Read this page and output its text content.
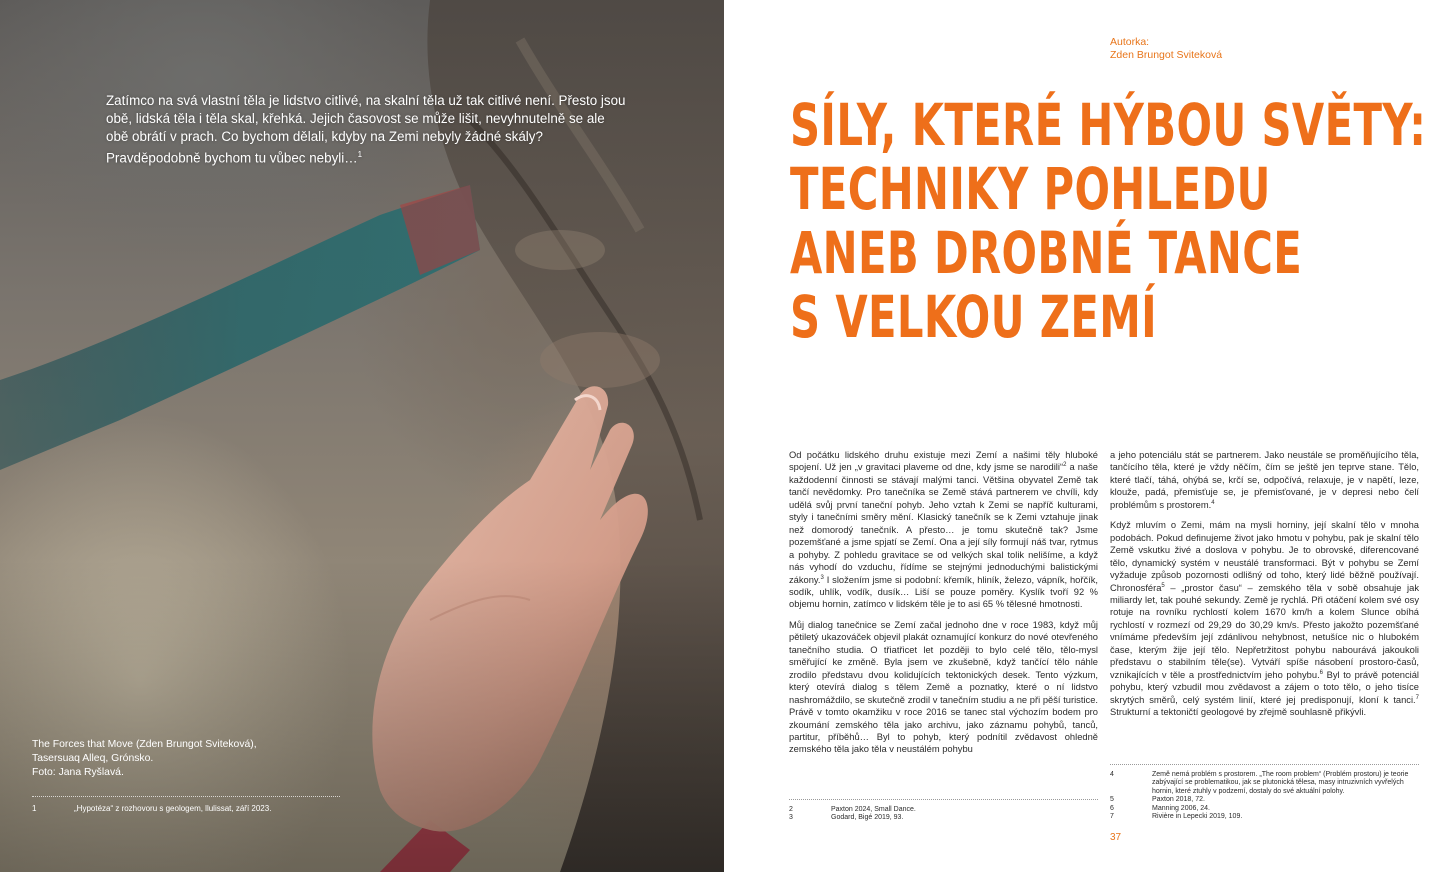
Zatímco na svá vlastní těla je lidstvo citlivé, na skalní těla už tak citlivé není. Přesto jsou obě, lidská těla i těla skal, křehká. Jejich časovost se může lišit, nevyhnutelně se ale obě obrátí v prach. Co bychom dělali, kdyby na Zemi nebyly žádné skály? Pravděpodobně bychom tu vůbec nebyli…$^1$

The Forces that Move (Zden Brungot Sviteková),
Tasersuaq Alleq, Grónsko.
Foto: Jana Ryšlavá.
1	„Hypotéza“ z rozhovoru s geologem, llulissat, září 2023.
Autorka:
Zden Brungot Sviteková
SÍLY, KTERÉ HÝBOU SVĚTY:
TECHNIKY POHLEDU
ANEB DROBNÉ TANCE
S VELKOU ZEMÍ

Od počátku lidského druhu existuje mezi Zemí a našimi těly hluboké spojení. Už jen „v gravitaci plaveme od dne, kdy jsme se narodili“$^2$ a naše každodenní činnosti se stávají malými tanci. Většina obyvatel Země tak tančí nevědomky. Pro tanečníka se Země stává partnerem ve chvíli, kdy udělá svůj první taneční pohyb. Jeho vztah k Zemi se napříč kulturami, styly i tanečními směry mění. Klasický tanečník se k Zemi vztahuje jinak než domorodý tanečník. A přesto… je tomu skutečně tak? Jsme pozemšťané a jsme spjatí se Zemí. Ona a její síly formují náš tvar, rytmus a pohyby. Z pohledu gravitace se od velkých skal tolik nelišíme, a když nás vyhodí do vzduchu, řídíme se stejnými jednoduchými balistickými zákony.$^3$ I složením jsme si podobní: křemík, hliník, železo, vápník, hořčík, sodík, uhlík, vodík, dusík… Liší se pouze poměry. Kyslík tvoří 92 % objemu hornin, zatímco v lidském těle je to asi 65 % tělesné hmotnosti.

Můj dialog tanečnice se Zemí začal jednoho dne v roce 1983, když můj pětiletý ukazováček objevil plakát oznamující konkurz do nové otevřeného tanečního studia. O třiatřicet let později to bylo celé tělo, tělo-mysl směřující ke změně. Byla jsem ve zkušebně, když tančící tělo náhle zrodilo představu dvou kolidujících tektonických desek. Tento výzkum, který otevírá dialog s tělem Země a poznatky, které o ní lidstvo nashromáždilo, se skutečně zrodil v tanečním studiu a ne při pěší turistice. Právě v tomto okamžiku v roce 2016 se tanec stal výchozím bodem pro zkoumání zemského těla jako archivu, jako záznamu pohybů, tanců, partitur, příběhů… Byl to pohyb, který podnítil zvědavost ohledně zemského těla jako těla v neustálém pohybu

a jeho potenciálu stát se partnerem. Jako neustále se proměňujícího těla, tančícího těla, které je vždy něčím, čím se ještě jen teprve stane. Tělo, které tlačí, táhá, ohýbá se, krčí se, odpočívá, relaxuje, je v napětí, leze, klouže, padá, přemisťuje se, je přemisťované, je v depresi nebo čelí problémům s prostorem.$^4$

Když mluvím o Zemi, mám na mysli horniny, její skalní tělo v mnoha podobách. Pokud definujeme život jako hmotu v pohybu, pak je skalní tělo Země vskutku živé a doslova v pohybu. Je to obrovské, diferencované tělo, dynamický systém v neustálé transformaci. Být v pohybu se Zemí vyžaduje způsob pozornosti odlišný od toho, který lidé běžně používají. Chronosféra$^5$ – „prostor času“ – zemského těla v sobě obsahuje jak miliardy let, tak pouhé sekundy. Země je rychlá. Při otáčení kolem své osy rotuje na rovníku rychlostí kolem 1670 km/h a kolem Slunce obíhá rychlostí v rozmezí od 29,29 do 30,29 km/s. Přesto jakožto pozemšťané vnímáme především její zdánlivou nehybnost, netušíce nic o hlubokém čase, kterým žije její tělo. Nepřetržitost pohybu nabourává jakoukoli představu o stabilním těle(se). Vytváří spíše násobení prostoro-časů, vznikajících v těle a prostřednictvím jeho pohybu.$^6$ Byl to právě potenciál pohybu, který vzbudil mou zvědavost a zájem o toto tělo, o jeho tisíce skrytých směrů, celý systém linií, které jej predisponují, kloní k tanci.$^7$ Strukturní a tektoničtí geologové by zřejmě souhlasně přikývli.

2	Paxton 2024, Small Dance.
3	Godard, Bigé 2019, 93.
4	Země nemá problém s prostorem. „The room problem“ (Problém prostoru) je teorie zabývající se problematikou, jak se plutonická tělesa, masy intruzivních vyvřelých hornin, které ztuhly v podzemí, dostaly do své aktuální polohy.
5	Paxton 2018, 72.
6	Manning 2006, 24.
7	Rivière in Lepecki 2019, 109.
37
